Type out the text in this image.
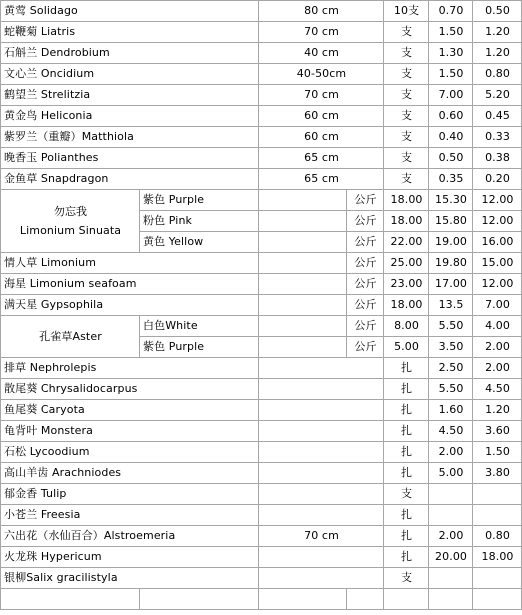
黄莺 Solidago		80 cm		10支	0.70	0.50	
蛇鞭菊 Liatris		70 cm		支	1.50	1.20	
石斛兰 Dendrobium		40 cm		支	1.30	1.20	
文心兰 Oncidium		40-50cm		支	1.50	0.80	
鹤望兰 Strelitzia		70 cm		支	7.00	5.20	
黄金鸟 Heliconia		60 cm		支	0.60	0.45	
紫罗兰（重瓣）Matthiola		60 cm		支	0.40	0.33	
晚香玉 Polianthes		65 cm		支	0.50	0.38	
金鱼草 Snapdragon		65 cm		支	0.35	0.20	
勿忘我
Limonium Sinuata	紫色 Purple		公斤	18.00	15.30	12.00	
	粉色 Pink		公斤	18.00	15.80	12.00	
	黄色 Yellow		公斤	22.00	19.00	16.00	
情人草 Limonium			公斤	25.00	19.80	15.00	
海星 Limonium seafoam			公斤	23.00	17.00	12.00	
满天星 Gypsophila			公斤	18.00	13.5	7.00	
孔雀草Aster	白色White		公斤	8.00	5.50	4.00	
	紫色 Purple		公斤	5.00	3.50	2.00	
排草 Nephrolepis				扎	2.50	2.00	
散尾葵 Chrysalidocarpus				扎	5.50	4.50	
鱼尾葵 Caryota				扎	1.60	1.20	
龟背叶 Monstera				扎	4.50	3.60	
石松 Lycoodium				扎	2.00	1.50	
高山羊齿 Arachniodes				扎	5.00	3.80	
郁金香 Tulip				支			
小苍兰 Freesia				扎			
六出花（水仙百合）Alstroemeria		70 cm		扎	2.00	0.80	
火龙珠 Hypericum				扎	20.00	18.00	
银柳Salix gracilistyla				支			
